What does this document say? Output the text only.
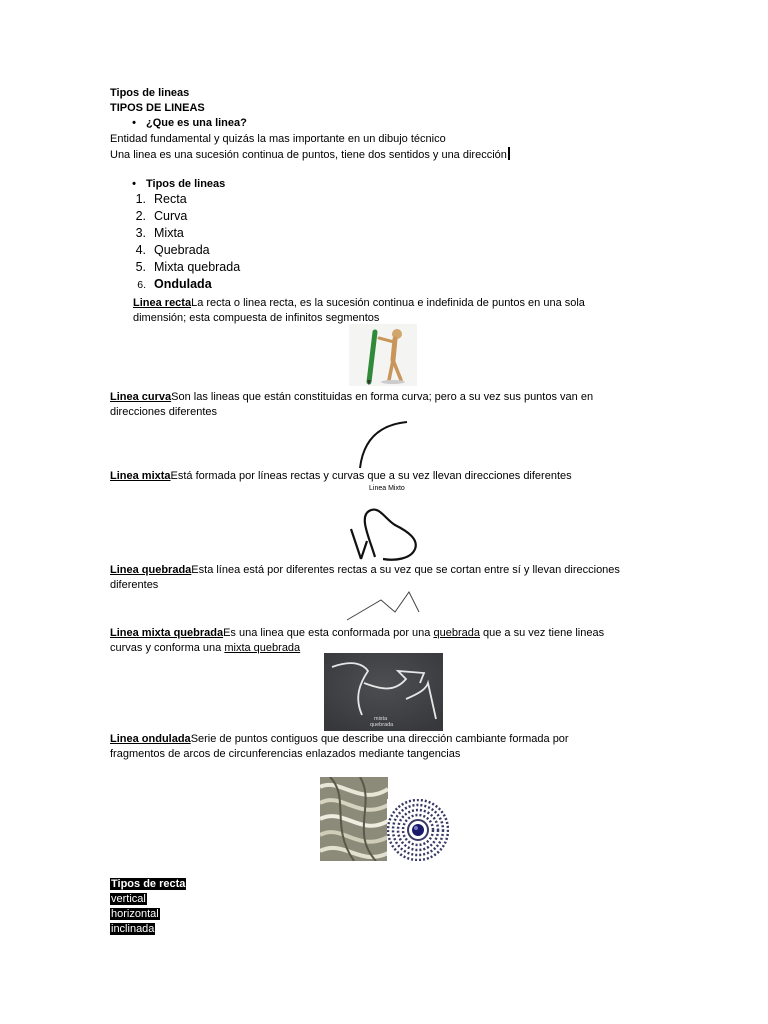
Tipos de lineas
TIPOS DE LINEAS
• ¿Que es una linea?
Entidad fundamental y quizás la mas importante en un dibujo técnico
Una linea es una sucesión continua de puntos, tiene dos sentidos y una dirección
• Tipos de lineas
1. Recta
2. Curva
3. Mixta
4. Quebrada
5. Mixta quebrada
6. Ondulada
Linea rectaLa recta o linea recta, es la sucesión continua e indefinida de puntos en una sola
dimensión; esta compuesta de infinitos segmentos
Linea curvaSon las lineas que están constituidas en forma curva; pero a su vez sus puntos van en
direcciones diferentes
Linea mixtaEstá formada por líneas rectas y curvas que a su vez llevan direcciones diferentes
Linea Mixto
Linea quebradaEsta línea está por diferentes rectas a su vez que se cortan entre sí y llevan direcciones
diferentes
Linea mixta quebradaEs una linea que esta conformada por una quebrada que a su vez tiene lineas
curvas y conforma una mixta quebrada
mixta
quebrada
Linea onduladaSerie de puntos contiguos que describe una dirección cambiante formada por
fragmentos de arcos de circunferencias enlazados mediante tangencias
Tipos de recta
vertical
horizontal
inclinada
